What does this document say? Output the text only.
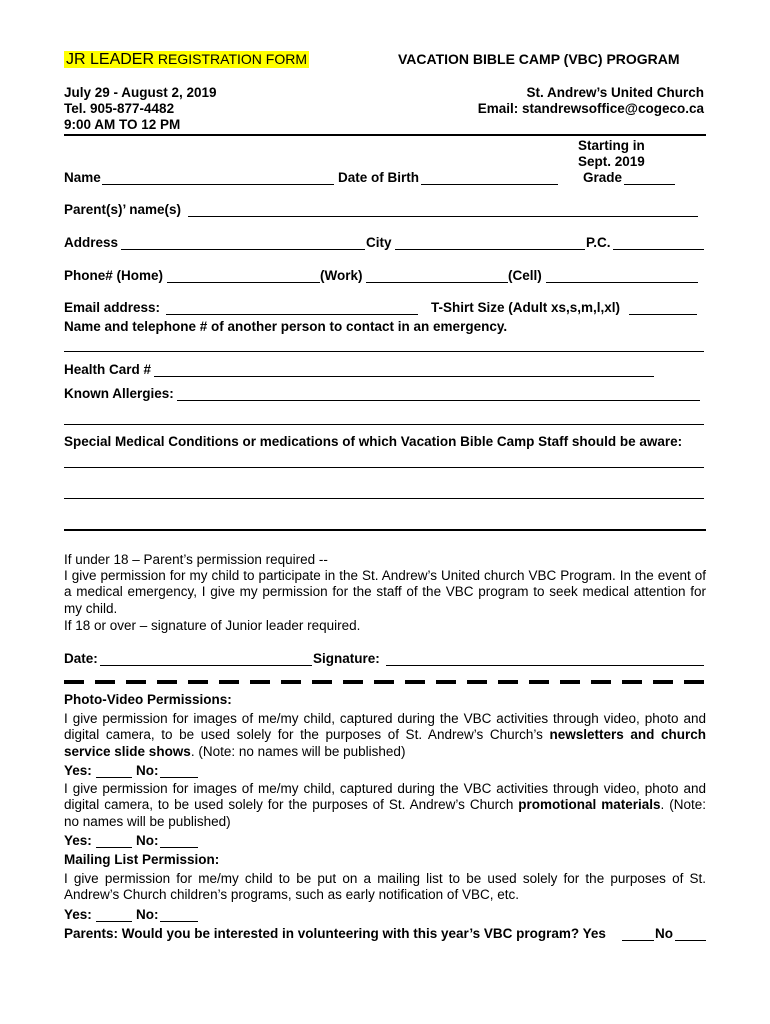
JR LEADER REGISTRATION FORM	VACATION BIBLE CAMP (VBC) PROGRAM
July 29 - August 2, 2019
Tel. 905-877-4482
9:00 AM TO 12 PM
St. Andrew’s United Church
Email: standrewsoffice@cogeco.ca
Starting in
Sept. 2019
Name	Date of Birth	Grade
Parent(s)’ name(s)
Address	City	P.C.
Phone# (Home)	(Work)	(Cell)
Email address:	T-Shirt Size (Adult xs,s,m,l,xl)
Name and telephone # of another person to contact in an emergency.
Health Card #
Known Allergies:
Special Medical Conditions or medications of which Vacation Bible Camp Staff should be aware:
If under 18 – Parent’s permission required --
I give permission for my child to participate in the St. Andrew’s United church VBC Program. In the event of a medical emergency, I give my permission for the staff of the VBC program to seek medical attention for my child.
If 18 or over – signature of Junior leader required.
Date:	Signature:
Photo-Video Permissions:
I give permission for images of me/my child, captured during the VBC activities through video, photo and digital camera, to be used solely for the purposes of St. Andrew’s Church’s newsletters and church service slide shows. (Note: no names will be published)
Yes:	No:
I give permission for images of me/my child, captured during the VBC activities through video, photo and digital camera, to be used solely for the purposes of St. Andrew’s Church promotional materials. (Note: no names will be published)
Yes:	No:
Mailing List Permission:
I give permission for me/my child to be put on a mailing list to be used solely for the purposes of St. Andrew’s Church children’s programs, such as early notification of VBC, etc.
Yes:	No:
Parents: Would you be interested in volunteering with this year’s VBC program? Yes	No
